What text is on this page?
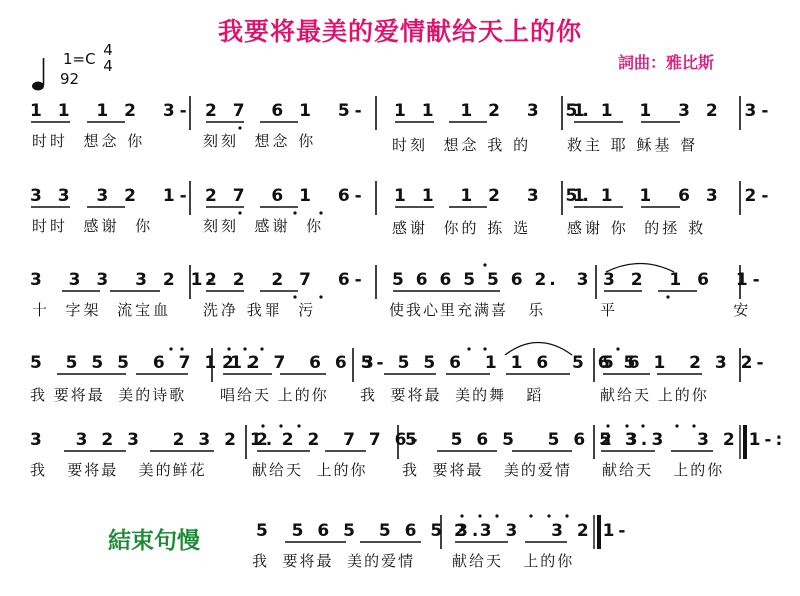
我要将最美的爱情献给天上的你
詞曲：雅比斯
1=C 4
4
92
1 1  1 2  3- 2 7  6 1  5- 1 1  1 2  3  5.
1 1  1  3 2  3-
时时  想念 你	刻刻  想念 你	时刻  想念 我 的 救主 耶 稣基 督
3 3  3 2  1- 2 7  6 1  6- 1 1  1 2  3  5.
1 1  1  6 3  2-
时时  感谢  你	刻刻  感谢  你	感谢  你的 拣 选 感谢 你  的拯 救
3  3 3  3 2 1-
2 2  2 7  6- 5 6 6 5 5 6 2.  3 3 2  1 6  1-
十  字架  流宝血 洗净 我罪  污	使我心里充满喜   乐	平   安
5  5 5 5  6 7 1 1.
2 2 7  6 6 5-
3  5 5 6  1 1 6  5 6 5
5 6 1  2 3 2-
我 要将最  美的诗歌 唱给天 上的你 我  要将最  美的舞   蹈	献给天 上的你
3   3 2 3   2 3 2 1.
2 2 2  7 7 6-
5   5 6 5   5 6 5 3.
2 3 3   3 2 1-:
我   要将最   美的鲜花	献给天  上的你 我  要将最   美的爱情 献给天   上的你
結束句慢	5  5 6 5  5 6 5 3.
2 3 3   3 2 1-
我  要将最  美的爱情 献给天   上的你
